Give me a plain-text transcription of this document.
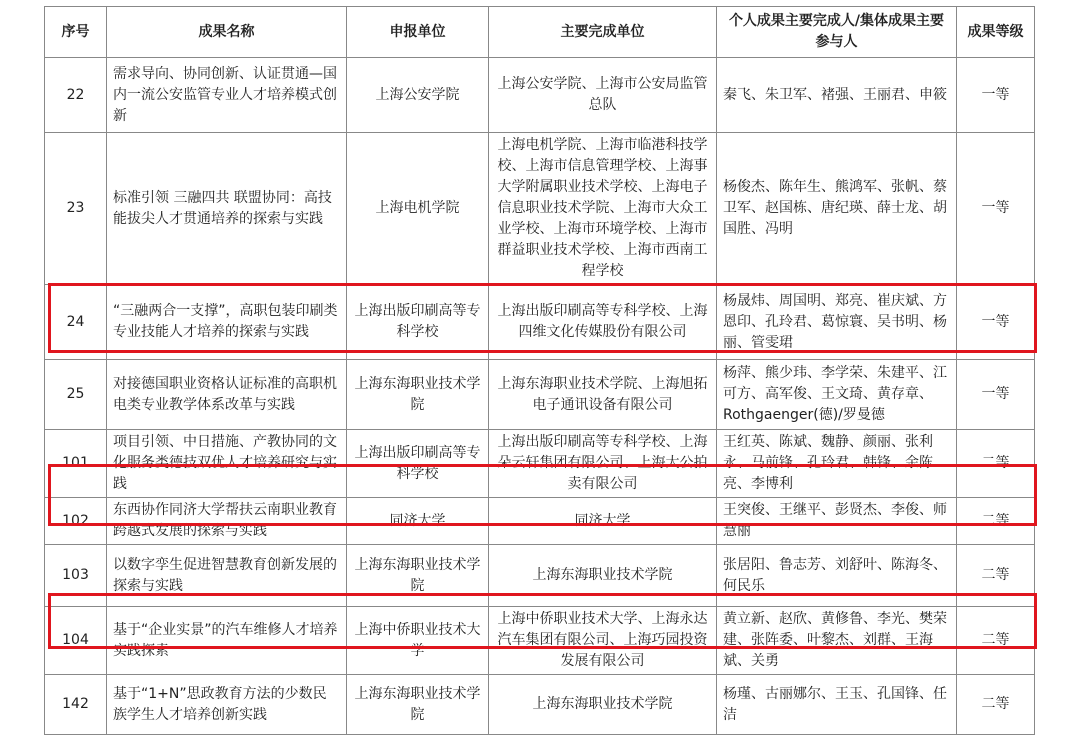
序号	成果名称	申报单位	主要完成单位	个人成果主要完成人/集体成果主要参与人	成果等级
22	需求导向、协同创新、认证贯通—国内一流公安监管专业人才培养模式创新	上海公安学院	上海公安学院、上海市公安局监管总队	秦飞、朱卫军、褚强、王丽君、申筱	一等
23	标准引领 三融四共 联盟协同：高技能拔尖人才贯通培养的探索与实践	上海电机学院	上海电机学院、上海市临港科技学校、上海市信息管理学校、上海事大学附属职业技术学校、上海电子信息职业技术学院、上海市大众工业学校、上海市环境学校、上海市群益职业技术学校、上海市西南工程学校	杨俊杰、陈年生、熊鸿军、张帆、蔡卫军、赵国栋、唐纪瑛、薛士龙、胡国胜、冯明	一等
24	“三融两合一支撑”，高职包装印刷类专业技能人才培养的探索与实践	上海出版印刷高等专科学校	上海出版印刷高等专科学校、上海四维文化传媒股份有限公司	杨晟炜、周国明、郑亮、崔庆斌、方恩印、孔玲君、葛惊寰、吴书明、杨丽、管雯珺	一等
25	对接德国职业资格认证标准的高职机电类专业教学体系改革与实践	上海东海职业技术学院	上海东海职业技术学院、上海旭拓电子通讯设备有限公司	杨萍、熊少玮、李学荣、朱建平、江可方、高军俊、王文琦、黄存章、Rothgaenger(德)/罗曼德	一等
101	项目引领、中日措施、产教协同的文化服务类德技双优人才培养研究与实践	上海出版印刷高等专科学校	上海出版印刷高等专科学校、上海朵云轩集团有限公司、上海大公拍卖有限公司	王红英、陈斌、魏静、颜丽、张利永、马前锋、孔玲君、韩锋、余陈亮、李博利	二等
102	东西协作同济大学帮扶云南职业教育跨越式发展的探索与实践	同济大学	同济大学	王突俊、王继平、彭贤杰、李俊、师慧丽	二等
103	以数字孪生促进智慧教育创新发展的探索与实践	上海东海职业技术学院	上海东海职业技术学院	张居阳、鲁志芳、刘舒叶、陈海冬、何民乐	二等
104	基于“企业实景”的汽车维修人才培养实践探索	上海中侨职业技术大学	上海中侨职业技术大学、上海永达汽车集团有限公司、上海巧园投资发展有限公司	黄立新、赵欣、黄修鲁、李光、樊荣建、张阵委、叶黎杰、刘群、王海斌、关勇	二等
142	基于“1+N”思政教育方法的少数民族学生人才培养创新实践	上海东海职业技术学院	上海东海职业技术学院	杨瑾、古丽娜尔、王玉、孔国锋、任洁	二等
